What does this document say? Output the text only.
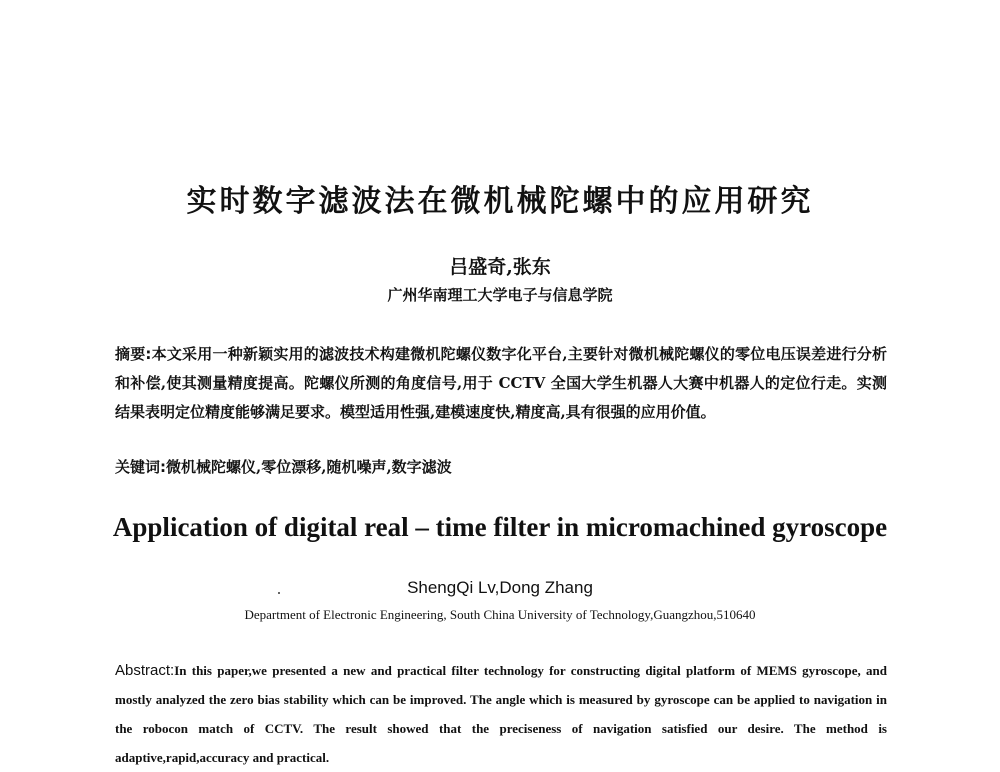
实时数字滤波法在微机械陀螺中的应用研究
吕盛奇,张东
广州华南理工大学电子与信息学院
摘要:本文采用一种新颖实用的滤波技术构建微机陀螺仪数字化平台,主要针对微机械陀螺仪的零位电压误差进行分析和补偿,使其测量精度提高。陀螺仪所测的角度信号,用于 CCTV 全国大学生机器人大赛中机器人的定位行走。实测结果表明定位精度能够满足要求。模型适用性强,建模速度快,精度高,具有很强的应用价值。
关键词:微机械陀螺仪,零位漂移,随机噪声,数字滤波
Application of digital real – time filter in micromachined gyroscope
ShengQi Lv,Dong Zhang
Department of Electronic Engineering, South China University of Technology,Guangzhou,510640
Abstract:In this paper,we presented a new and practical filter technology for constructing digital platform of MEMS gyroscope, and mostly analyzed the zero bias stability which can be improved. The angle which is measured by gyroscope can be applied to navigation in the robocon match of CCTV. The result showed that the preciseness of navigation satisfied our desire. The method is adaptive,rapid,accuracy and practical.
